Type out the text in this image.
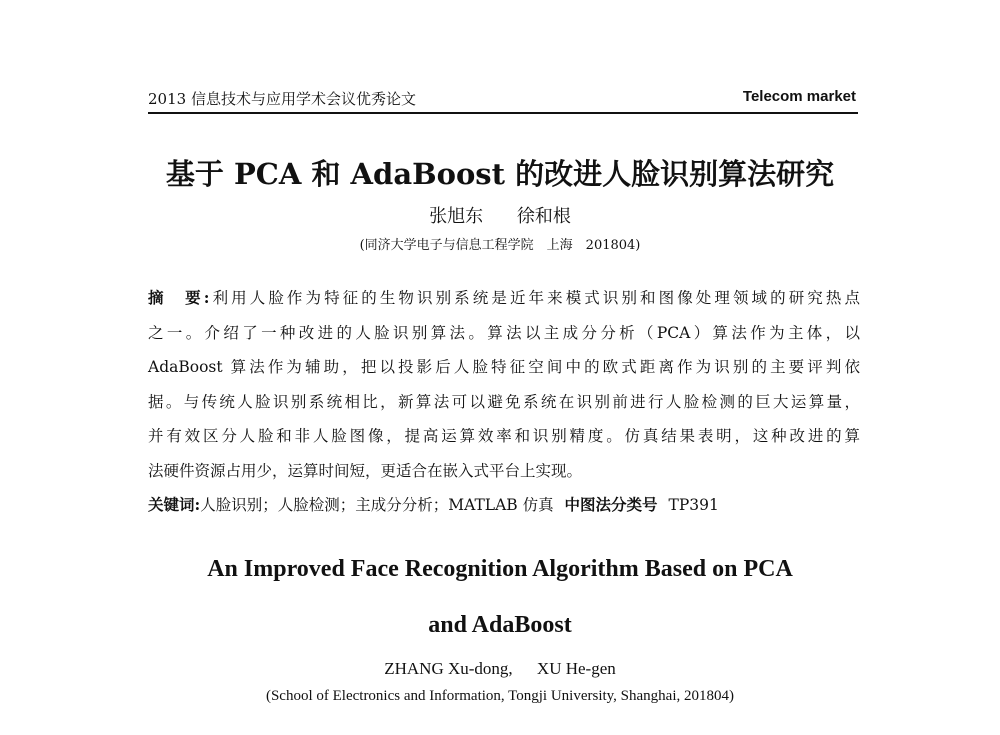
2013 信息技术与应用学术会议优秀论文	Telecom market
基于 PCA 和 AdaBoost 的改进人脸识别算法研究
张旭东 徐和根
(同济大学电子与信息工程学院　上海　201804)
摘　要:利用人脸作为特征的生物识别系统是近年来模式识别和图像处理领域的研究热点
之一。介绍了一种改进的人脸识别算法。算法以主成分分析（PCA）算法作为主体，以
AdaBoost 算法作为辅助，把以投影后人脸特征空间中的欧式距离作为识别的主要评判依
据。与传统人脸识别系统相比，新算法可以避免系统在识别前进行人脸检测的巨大运算量，
并有效区分人脸和非人脸图像，提高运算效率和识别精度。仿真结果表明，这种改进的算
法硬件资源占用少，运算时间短，更适合在嵌入式平台上实现。
关键词:人脸识别；人脸检测；主成分分析；MATLAB 仿真 中图法分类号 TP391
An Improved Face Recognition Algorithm Based on PCA
and AdaBoost
ZHANG Xu-dong, XU He-gen
(School of Electronics and Information, Tongji University, Shanghai, 201804)
